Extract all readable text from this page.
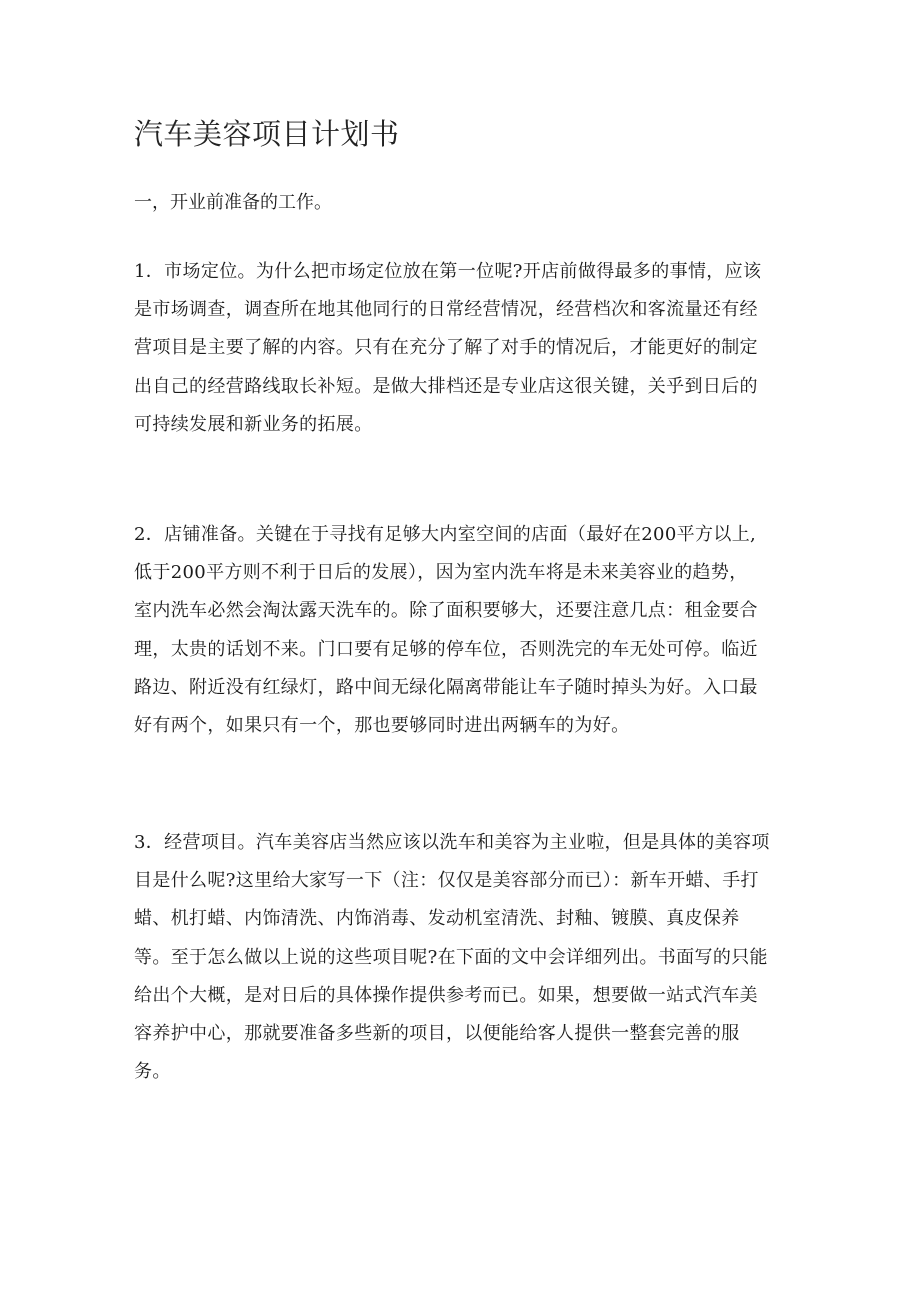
汽车美容项目计划书
一，开业前准备的工作。
1．市场定位。为什么把市场定位放在第一位呢?开店前做得最多的事情，应该
是市场调查，调查所在地其他同行的日常经营情况，经营档次和客流量还有经
营项目是主要了解的内容。只有在充分了解了对手的情况后，才能更好的制定
出自己的经营路线取长补短。是做大排档还是专业店这很关键，关乎到日后的
可持续发展和新业务的拓展。
2．店铺准备。关键在于寻找有足够大内室空间的店面（最好在200平方以上,
低于200平方则不利于日后的发展），因为室内洗车将是未来美容业的趋势，
室内洗车必然会淘汰露天洗车的。除了面积要够大，还要注意几点：租金要合
理，太贵的话划不来。门口要有足够的停车位，否则洗完的车无处可停。临近
路边、附近没有红绿灯，路中间无绿化隔离带能让车子随时掉头为好。入口最
好有两个，如果只有一个，那也要够同时进出两辆车的为好。
3．经营项目。汽车美容店当然应该以洗车和美容为主业啦，但是具体的美容项
目是什么呢?这里给大家写一下（注：仅仅是美容部分而已）：新车开蜡、手打
蜡、机打蜡、内饰清洗、内饰消毒、发动机室清洗、封釉、镀膜、真皮保养
等。至于怎么做以上说的这些项目呢?在下面的文中会详细列出。书面写的只能
给出个大概，是对日后的具体操作提供参考而已。如果，想要做一站式汽车美
容养护中心，那就要准备多些新的项目，以便能给客人提供一整套完善的服
务。
